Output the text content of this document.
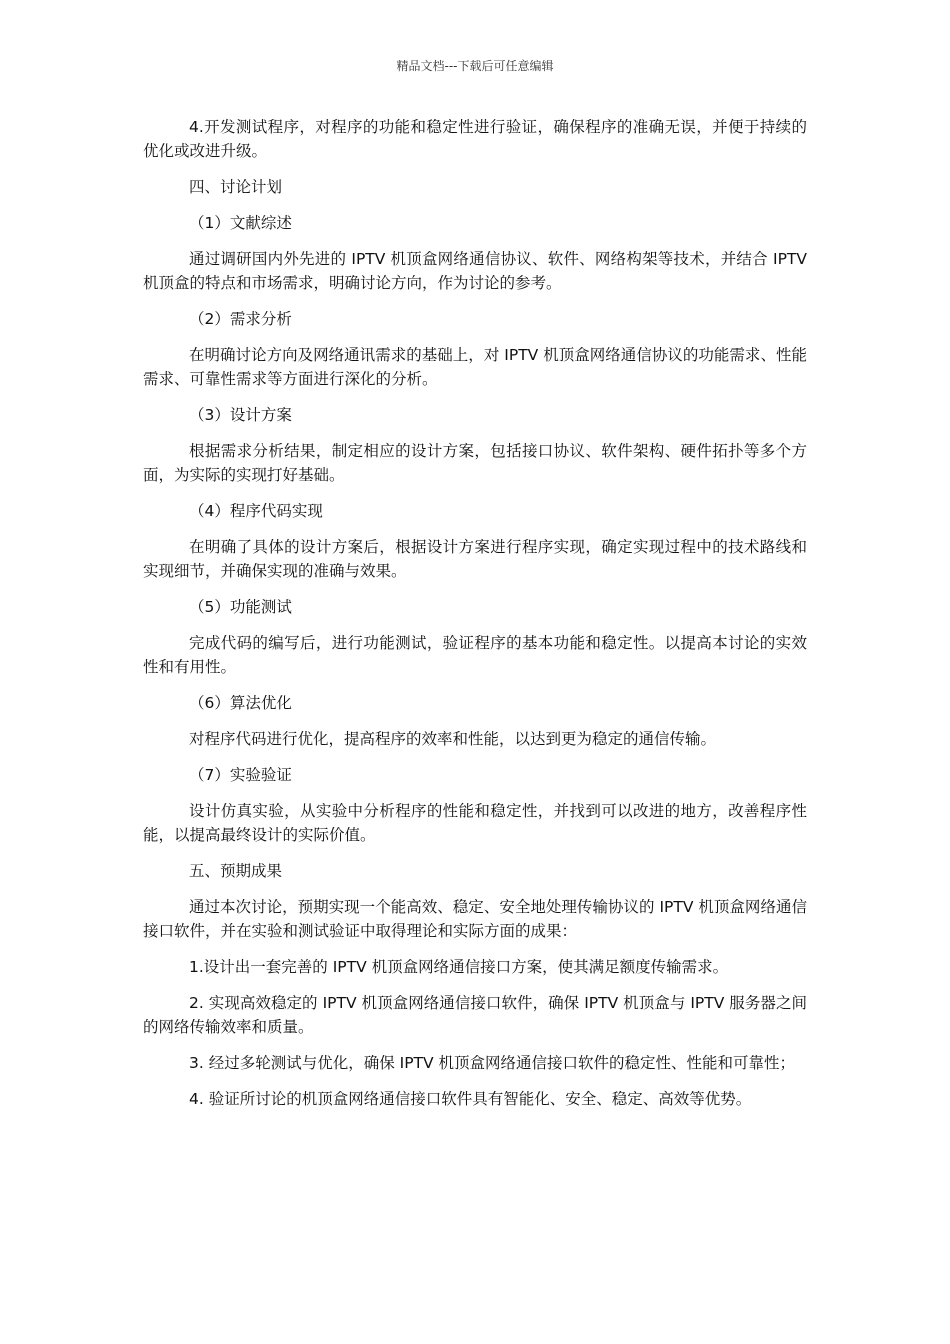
精品文档---下载后可任意编辑
4.开发测试程序，对程序的功能和稳定性进行验证，确保程序的准确无误，并便于持续的优化或改进升级。
四、讨论计划
（1）文献综述
通过调研国内外先进的 IPTV 机顶盒网络通信协议、软件、网络构架等技术，并结合 IPTV 机顶盒的特点和市场需求，明确讨论方向，作为讨论的参考。
（2）需求分析
在明确讨论方向及网络通讯需求的基础上，对 IPTV 机顶盒网络通信协议的功能需求、性能需求、可靠性需求等方面进行深化的分析。
（3）设计方案
根据需求分析结果，制定相应的设计方案，包括接口协议、软件架构、硬件拓扑等多个方面，为实际的实现打好基础。
（4）程序代码实现
在明确了具体的设计方案后，根据设计方案进行程序实现，确定实现过程中的技术路线和实现细节，并确保实现的准确与效果。
（5）功能测试
完成代码的编写后，进行功能测试，验证程序的基本功能和稳定性。以提高本讨论的实效性和有用性。
（6）算法优化
对程序代码进行优化，提高程序的效率和性能，以达到更为稳定的通信传输。
（7）实验验证
设计仿真实验，从实验中分析程序的性能和稳定性，并找到可以改进的地方，改善程序性能，以提高最终设计的实际价值。
五、预期成果
通过本次讨论，预期实现一个能高效、稳定、安全地处理传输协议的 IPTV 机顶盒网络通信接口软件，并在实验和测试验证中取得理论和实际方面的成果：
1.设计出一套完善的 IPTV 机顶盒网络通信接口方案，使其满足额度传输需求。
2. 实现高效稳定的 IPTV 机顶盒网络通信接口软件，确保 IPTV 机顶盒与 IPTV 服务器之间的网络传输效率和质量。
3. 经过多轮测试与优化，确保 IPTV 机顶盒网络通信接口软件的稳定性、性能和可靠性；
4. 验证所讨论的机顶盒网络通信接口软件具有智能化、安全、稳定、高效等优势。
